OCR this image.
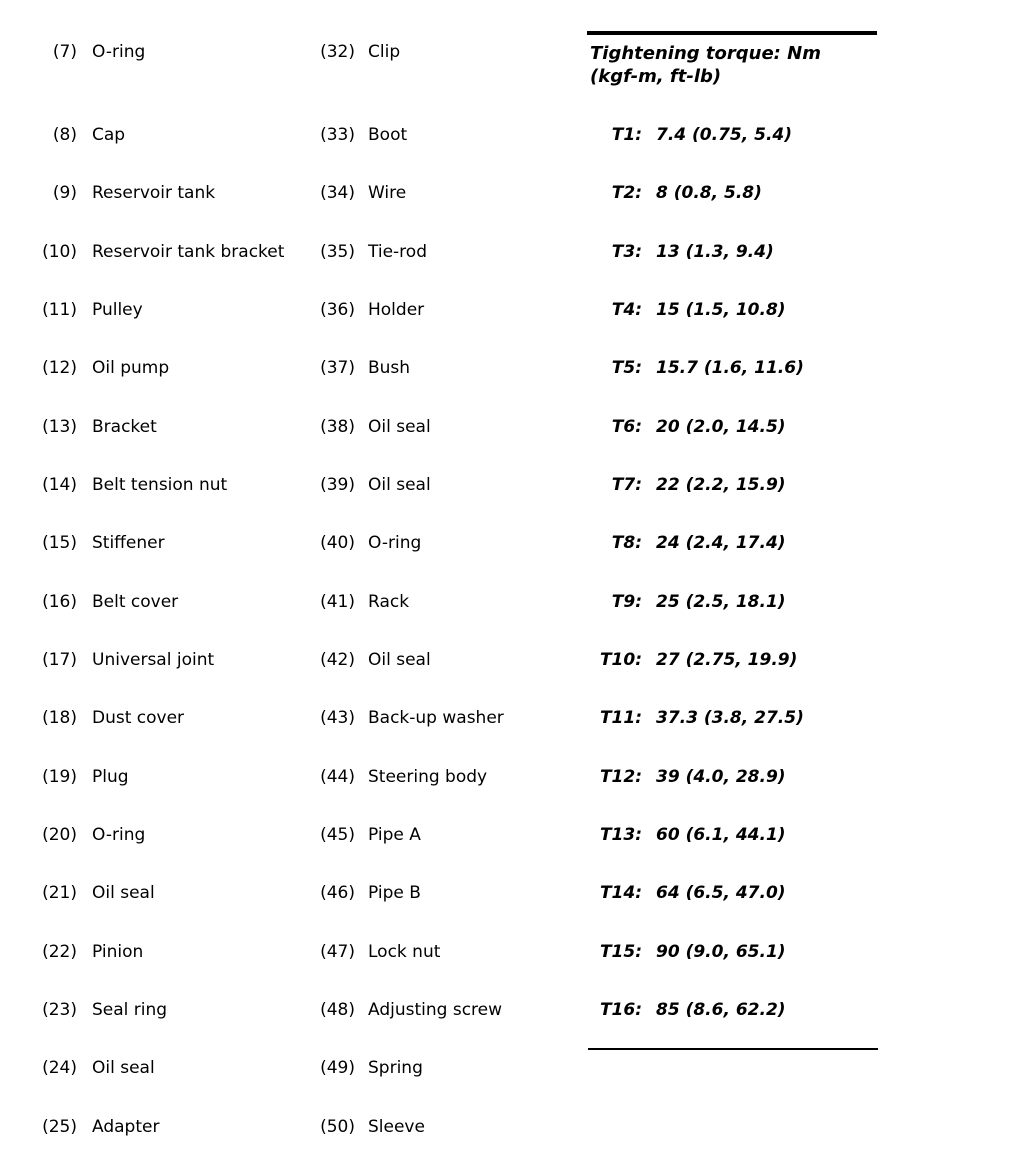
(7) O-ring
(8) Cap
(9) Reservoir tank
(10) Reservoir tank bracket
(11) Pulley
(12) Oil pump
(13) Bracket
(14) Belt tension nut
(15) Stiffener
(16) Belt cover
(17) Universal joint
(18) Dust cover
(19) Plug
(20) O-ring
(21) Oil seal
(22) Pinion
(23) Seal ring
(24) Oil seal
(25) Adapter
(32) Clip
(33) Boot
(34) Wire
(35) Tie-rod
(36) Holder
(37) Bush
(38) Oil seal
(39) Oil seal
(40) O-ring
(41) Rack
(42) Oil seal
(43) Back-up washer
(44) Steering body
(45) Pipe A
(46) Pipe B
(47) Lock nut
(48) Adjusting screw
(49) Spring
(50) Sleeve
Tightening torque: Nm
(kgf-m, ft-lb)
T1: 7.4 (0.75, 5.4)
T2: 8 (0.8, 5.8)
T3: 13 (1.3, 9.4)
T4: 15 (1.5, 10.8)
T5: 15.7 (1.6, 11.6)
T6: 20 (2.0, 14.5)
T7: 22 (2.2, 15.9)
T8: 24 (2.4, 17.4)
T9: 25 (2.5, 18.1)
T10: 27 (2.75, 19.9)
T11: 37.3 (3.8, 27.5)
T12: 39 (4.0, 28.9)
T13: 60 (6.1, 44.1)
T14: 64 (6.5, 47.0)
T15: 90 (9.0, 65.1)
T16: 85 (8.6, 62.2)
